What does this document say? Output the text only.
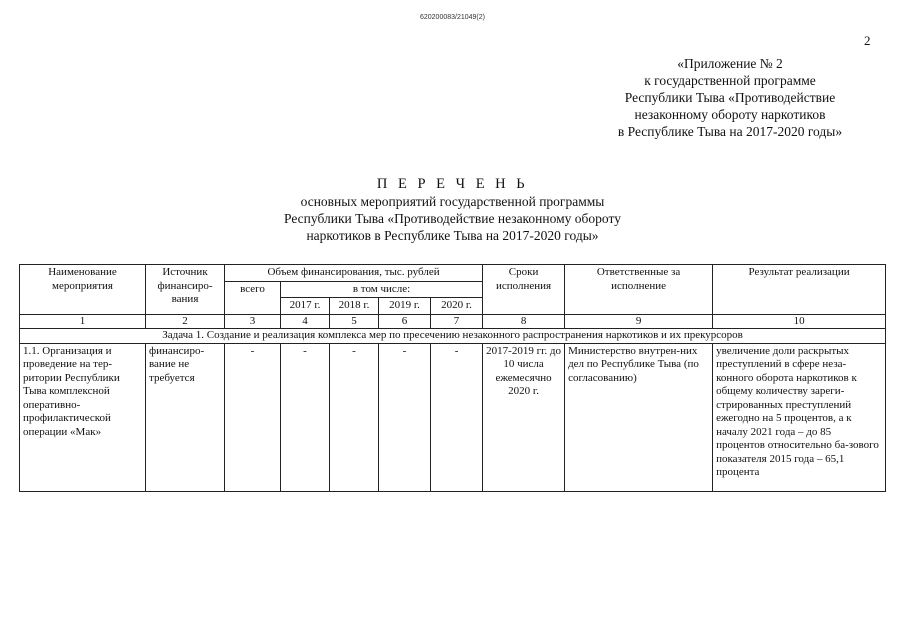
620200083/21049(2)
2
«Приложение № 2
к государственной программе
Республики Тыва «Противодействие
незаконному обороту наркотиков
в Республике Тыва на 2017-2020 годы»
П Е Р Е Ч Е Н Ь
основных мероприятий государственной программы
Республики Тыва «Противодействие незаконному обороту
наркотиков в Республике Тыва на 2017-2020 годы»
Наименование мероприятия	Источник финансиро-вания	Объем финансирования, тыс. рублей					Сроки исполнения	Ответственные за исполнение	Результат реализации
		всего	в том числе:						
			2017 г.	2018 г.	2019 г.	2020 г.			
1	2	3	4	5	6	7	8	9	10
Задача 1. Создание и реализация комплекса мер по пресечению незаконного распространения наркотиков и их прекурсоров									
1.1. Организация и проведение на тер-ритории Республики Тыва комплексной оперативно-профилактической операции «Мак»	финансиро-вание не требуется	-	-	-	-	-	2017-2019 гг. до 10 числа ежемесячно 2020 г.	Министерство внутрен-них дел по Республике Тыва (по согласованию)	увеличение доли раскрытых преступлений в сфере неза-конного оборота наркотиков к общему количеству зареги-стрированных преступлений ежегодно на 5 процентов, а к началу 2021 года – до 85 процентов относительно ба-зового показателя 2015 года – 65,1 процента
